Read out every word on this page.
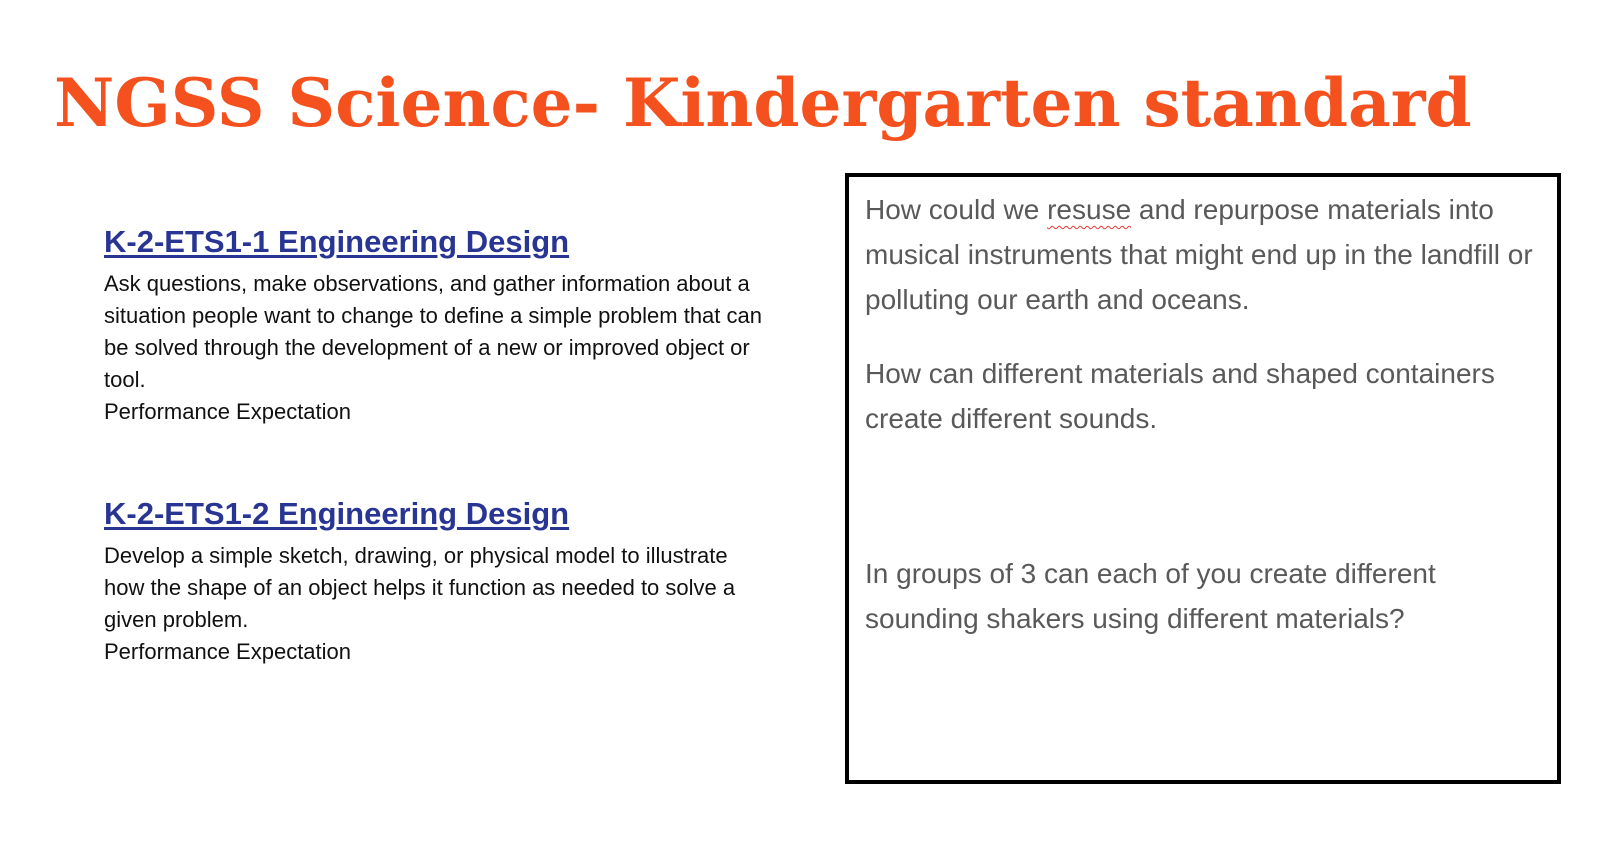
NGSS Science- Kindergarten standard
K-2-ETS1-1 Engineering Design

Ask questions, make observations, and gather information about a situation people want to change to define a simple problem that can be solved through the development of a new or improved object or tool.

Performance Expectation

K-2-ETS1-2 Engineering Design

Develop a simple sketch, drawing, or physical model to illustrate how the shape of an object helps it function as needed to solve a given problem.

Performance Expectation

How could we resuse and repurpose materials into musical instruments that might end up in the landfill or polluting our earth and oceans.

How can different materials and shaped containers create different sounds.

In groups of 3 can each of you create different sounding shakers using different materials?
